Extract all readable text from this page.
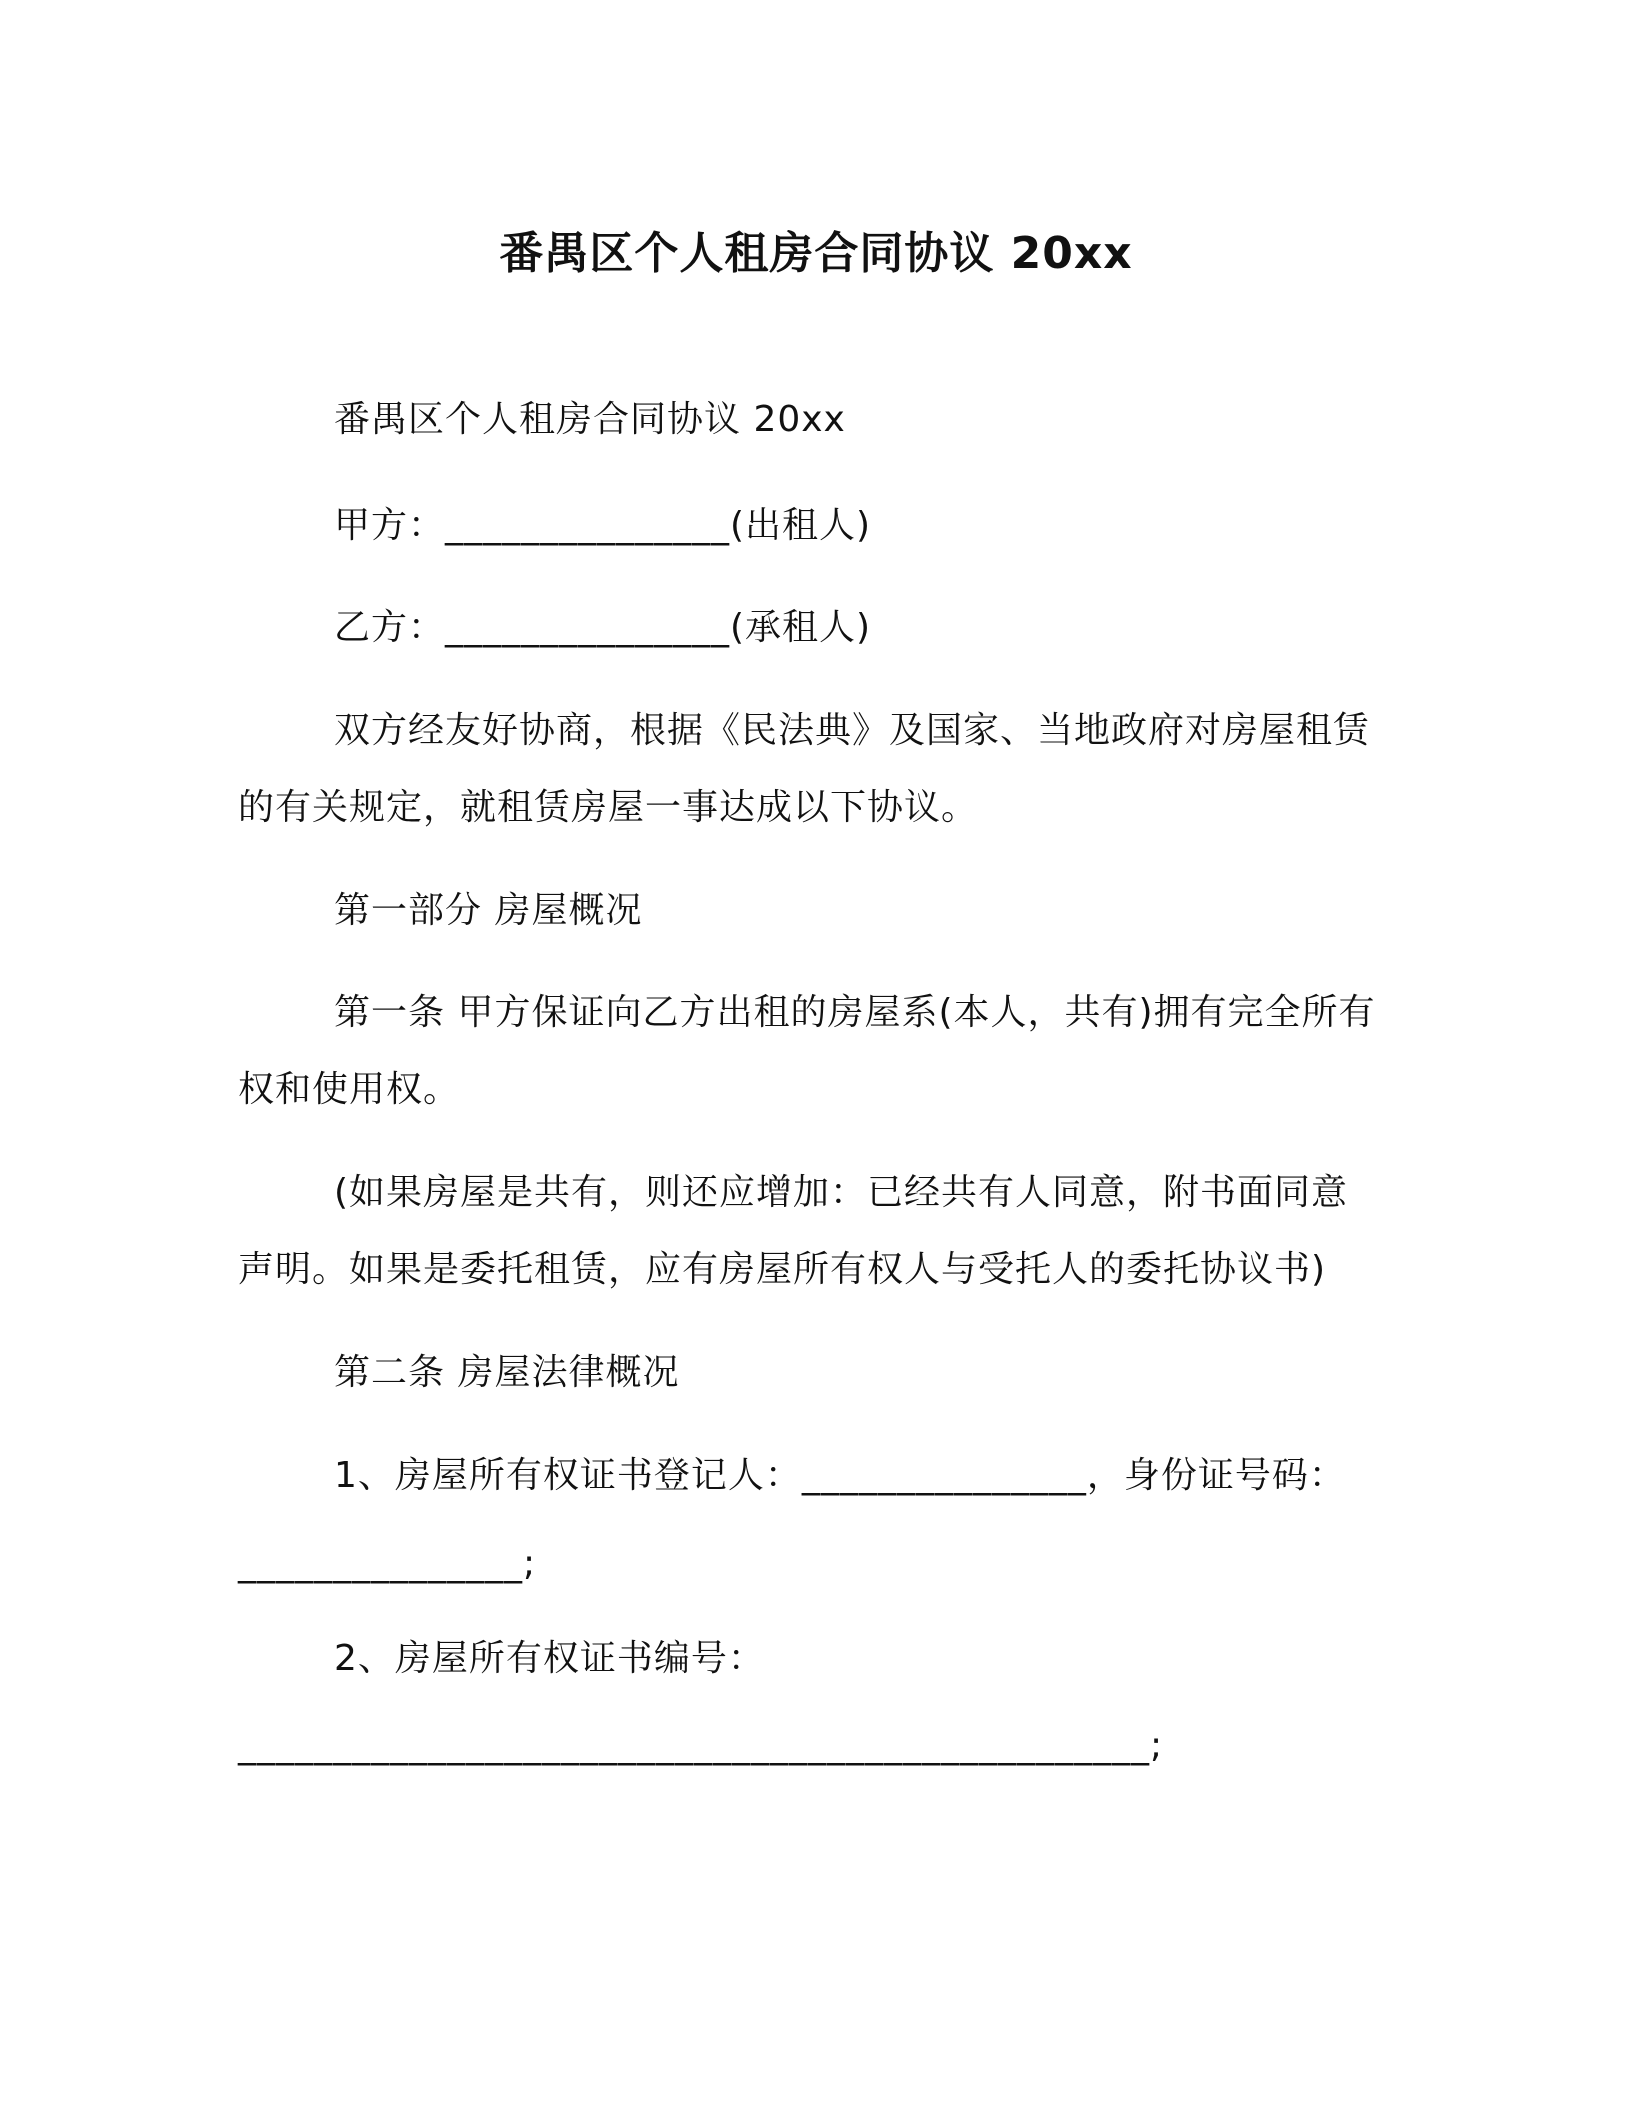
番禺区个人租房合同协议 20xx
番禺区个人租房合同协议 20xx
甲方：_______________(出租人)
乙方：_______________(承租人)
双方经友好协商，根据《民法典》及国家、当地政府对房屋租赁
的有关规定，就租赁房屋一事达成以下协议。
第一部分 房屋概况
第一条 甲方保证向乙方出租的房屋系(本人，共有)拥有完全所有
权和使用权。
(如果房屋是共有，则还应增加：已经共有人同意，附书面同意
声明。如果是委托租赁，应有房屋所有权人与受托人的委托协议书)
第二条 房屋法律概况
1、房屋所有权证书登记人：_______________，身份证号码：
_______________;
2、房屋所有权证书编号：
________________________________________________;
